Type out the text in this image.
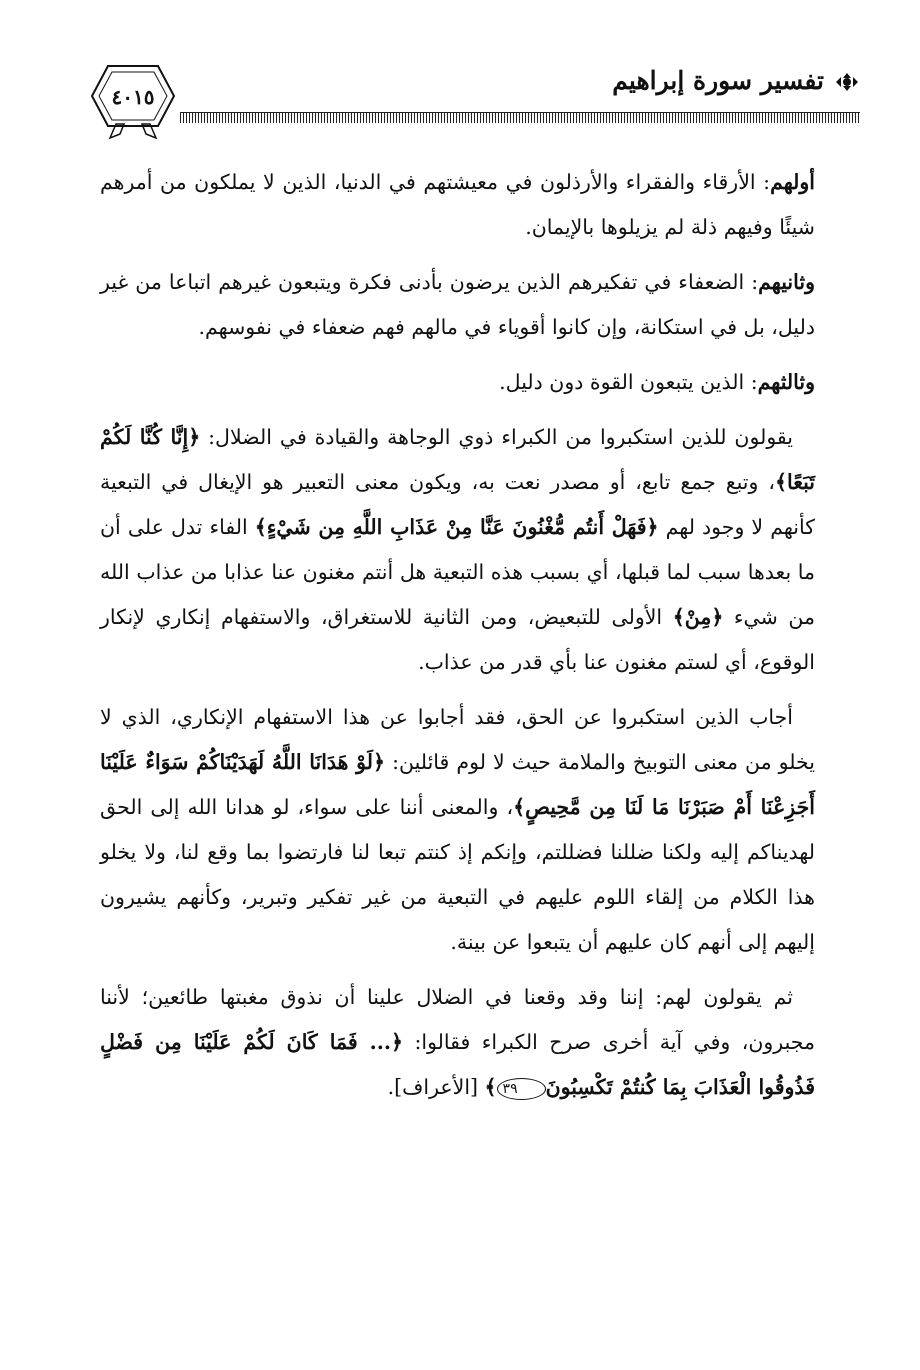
تفسير سورة إبراهيم
٤٠١٥

أولهم: الأرقاء والفقراء والأرذلون في معيشتهم في الدنيا، الذين لا يملكون من أمرهم شيئًا وفيهم ذلة لم يزيلوها بالإيمان.

وثانيهم: الضعفاء في تفكيرهم الذين يرضون بأدنى فكرة ويتبعون غيرهم اتباعا من غير دليل، بل في استكانة، وإن كانوا أقوياء في مالهم فهم ضعفاء في نفوسهم.

وثالثهم: الذين يتبعون القوة دون دليل.

يقولون للذين استكبروا من الكبراء ذوي الوجاهة والقيادة في الضلال: ﴿إِنَّا كُنَّا لَكُمْ تَبَعًا﴾، وتبع جمع تابع، أو مصدر نعت به، ويكون معنى التعبير هو الإيغال في التبعية كأنهم لا وجود لهم ﴿فَهَلْ أَنتُم مُّغْنُونَ عَنَّا مِنْ عَذَابِ اللَّهِ مِن شَيْءٍ﴾ الفاء تدل على أن ما بعدها سبب لما قبلها، أي بسبب هذه التبعية هل أنتم مغنون عنا عذابا من عذاب الله من شيء ﴿مِنْ﴾ الأولى للتبعيض، ومن الثانية للاستغراق، والاستفهام إنكاري لإنكار الوقوع، أي لستم مغنون عنا بأي قدر من عذاب.

أجاب الذين استكبروا عن الحق، فقد أجابوا عن هذا الاستفهام الإنكاري، الذي لا يخلو من معنى التوبيخ والملامة حيث لا لوم قائلين: ﴿لَوْ هَدَانَا اللَّهُ لَهَدَيْنَاكُمْ سَوَاءٌ عَلَيْنَا أَجَزِعْنَا أَمْ صَبَرْنَا مَا لَنَا مِن مَّحِيصٍ﴾، والمعنى أننا على سواء، لو هدانا الله إلى الحق لهديناكم إليه ولكنا ضللنا فضللتم، وإنكم إذ كنتم تبعا لنا فارتضوا بما وقع لنا، ولا يخلو هذا الكلام من إلقاء اللوم عليهم في التبعية من غير تفكير وتبرير، وكأنهم يشيرون إليهم إلى أنهم كان عليهم أن يتبعوا عن بينة.

ثم يقولون لهم: إننا وقد وقعنا في الضلال علينا أن نذوق مغبتها طائعين؛ لأننا مجبرون، وفي آية أخرى صرح الكبراء فقالوا: ﴿... فَمَا كَانَ لَكُمْ عَلَيْنَا مِن فَضْلٍ فَذُوقُوا الْعَذَابَ بِمَا كُنتُمْ تَكْسِبُونَ٣٩﴾ [الأعراف].
